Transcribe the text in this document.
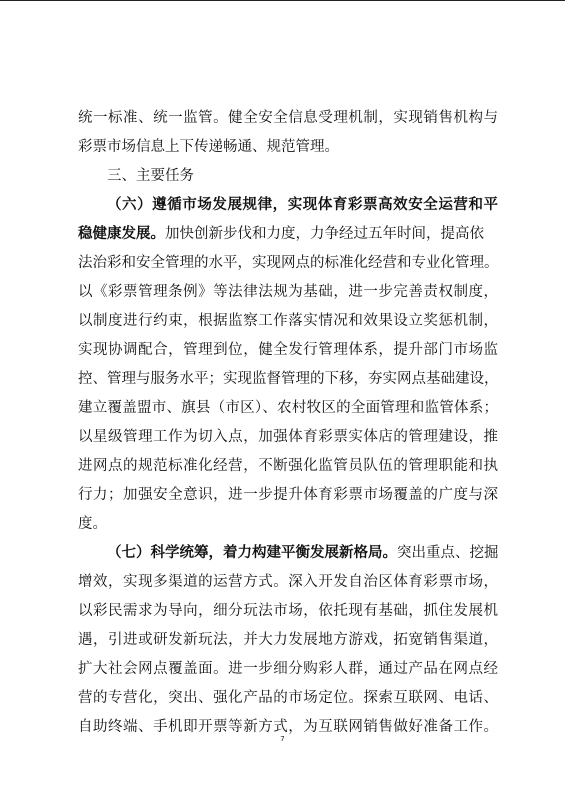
统一标准、统一监管。健全安全信息受理机制，实现销售机构与
彩票市场信息上下传递畅通、规范管理。
三、主要任务
（六）遵循市场发展规律，实现体育彩票高效安全运营和平
稳健康发展。加快创新步伐和力度，力争经过五年时间，提高依
法治彩和安全管理的水平，实现网点的标准化经营和专业化管理。
以《彩票管理条例》等法律法规为基础，进一步完善责权制度，
以制度进行约束，根据监察工作落实情况和效果设立奖惩机制，
实现协调配合，管理到位，健全发行管理体系，提升部门市场监
控、管理与服务水平；实现监督管理的下移，夯实网点基础建设，
建立覆盖盟市、旗县（市区）、农村牧区的全面管理和监管体系；
以星级管理工作为切入点，加强体育彩票实体店的管理建设，推
进网点的规范标准化经营，不断强化监管员队伍的管理职能和执
行力；加强安全意识，进一步提升体育彩票市场覆盖的广度与深
度。
（七）科学统筹，着力构建平衡发展新格局。突出重点、挖掘
增效，实现多渠道的运营方式。深入开发自治区体育彩票市场，
以彩民需求为导向，细分玩法市场，依托现有基础，抓住发展机
遇，引进或研发新玩法，并大力发展地方游戏，拓宽销售渠道，
扩大社会网点覆盖面。进一步细分购彩人群，通过产品在网点经
营的专营化，突出、强化产品的市场定位。探索互联网、电话、
自助终端、手机即开票等新方式，为互联网销售做好准备工作。
7
